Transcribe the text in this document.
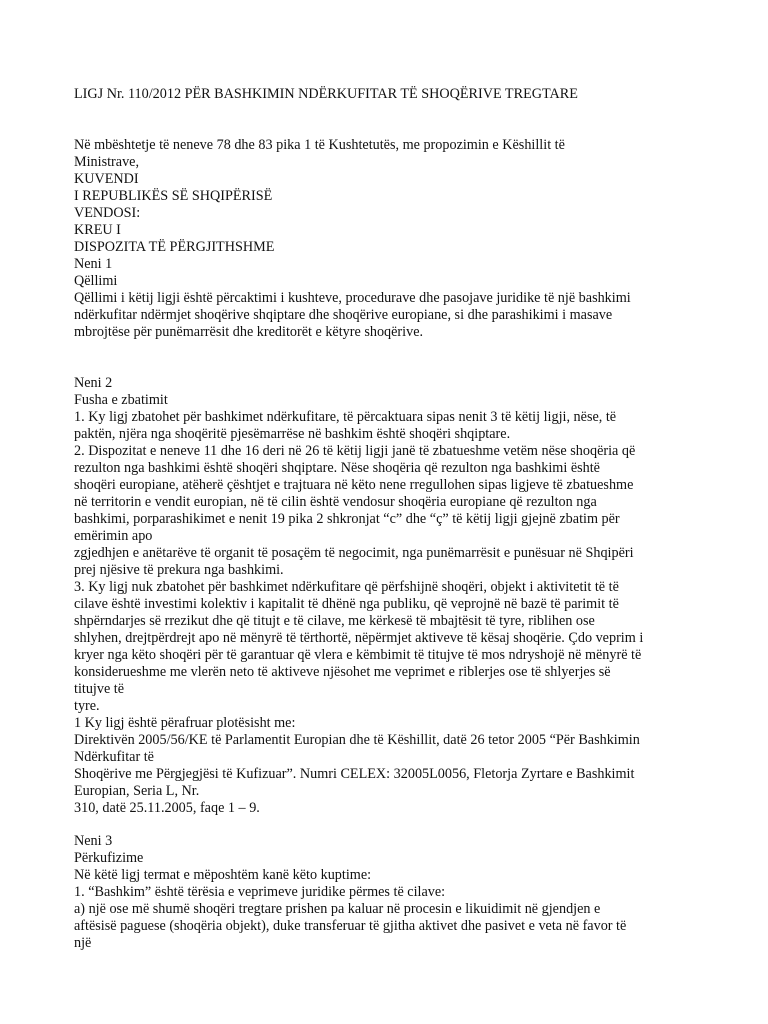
LIGJ Nr. 110/2012 PËR BASHKIMIN NDËRKUFITAR TË SHOQËRIVE TREGTARE
Në mbështetje të neneve 78 dhe 83 pika 1 të Kushtetutës, me propozimin e Këshillit të
Ministrave,
KUVENDI
I REPUBLIKËS SË SHQIPËRISË
VENDOSI:
KREU I
DISPOZITA TË PËRGJITHSHME
Neni 1
Qëllimi
Qëllimi i këtij ligji është përcaktimi i kushteve, procedurave dhe pasojave juridike të një bashkimi
ndërkufitar ndërmjet shoqërive shqiptare dhe shoqërive europiane, si dhe parashikimi i masave
mbrojtëse për punëmarrësit dhe kreditorët e këtyre shoqërive.
Neni 2
Fusha e zbatimit
1. Ky ligj zbatohet për bashkimet ndërkufitare, të përcaktuara sipas nenit 3 të këtij ligji, nëse, të
paktën, njëra nga shoqëritë pjesëmarrëse në bashkim është shoqëri shqiptare.
2. Dispozitat e neneve 11 dhe 16 deri në 26 të këtij ligji janë të zbatueshme vetëm nëse shoqëria që
rezulton nga bashkimi është shoqëri shqiptare. Nëse shoqëria që rezulton nga bashkimi është
shoqëri europiane, atëherë çështjet e trajtuara në këto nene rregullohen sipas ligjeve të zbatueshme
në territorin e vendit europian, në të cilin është vendosur shoqëria europiane që rezulton nga
bashkimi, porparashikimet e nenit 19 pika 2 shkronjat “c” dhe “ç” të këtij ligji gjejnë zbatim për
emërimin apo
zgjedhjen e anëtarëve të organit të posaçëm të negocimit, nga punëmarrësit e punësuar në Shqipëri
prej njësive të prekura nga bashkimi.
3. Ky ligj nuk zbatohet për bashkimet ndërkufitare që përfshijnë shoqëri, objekt i aktivitetit të të
cilave është investimi kolektiv i kapitalit të dhënë nga publiku, që veprojnë në bazë të parimit të
shpërndarjes së rrezikut dhe që titujt e të cilave, me kërkesë të mbajtësit të tyre, riblihen ose
shlyhen, drejtpërdrejt apo në mënyrë të tërthortë, nëpërmjet aktiveve të kësaj shoqërie. Çdo veprim i
kryer nga këto shoqëri për të garantuar që vlera e këmbimit të titujve të mos ndryshojë në mënyrë të
konsiderueshme me vlerën neto të aktiveve njësohet me veprimet e riblerjes ose të shlyerjes së
titujve të
tyre.
1 Ky ligj është përafruar plotësisht me:
Direktivën 2005/56/KE të Parlamentit Europian dhe të Këshillit, datë 26 tetor 2005 “Për Bashkimin
Ndërkufitar të
Shoqërive me Përgjegjësi të Kufizuar”. Numri CELEX: 32005L0056, Fletorja Zyrtare e Bashkimit
Europian, Seria L, Nr.
310, datë 25.11.2005, faqe 1 – 9.
Neni 3
Përkufizime
Në këtë ligj termat e mëposhtëm kanë këto kuptime:
1. “Bashkim” është tërësia e veprimeve juridike përmes të cilave:
a) një ose më shumë shoqëri tregtare prishen pa kaluar në procesin e likuidimit në gjendjen e
aftësisë paguese (shoqëria objekt), duke transferuar të gjitha aktivet dhe pasivet e veta në favor të
një
